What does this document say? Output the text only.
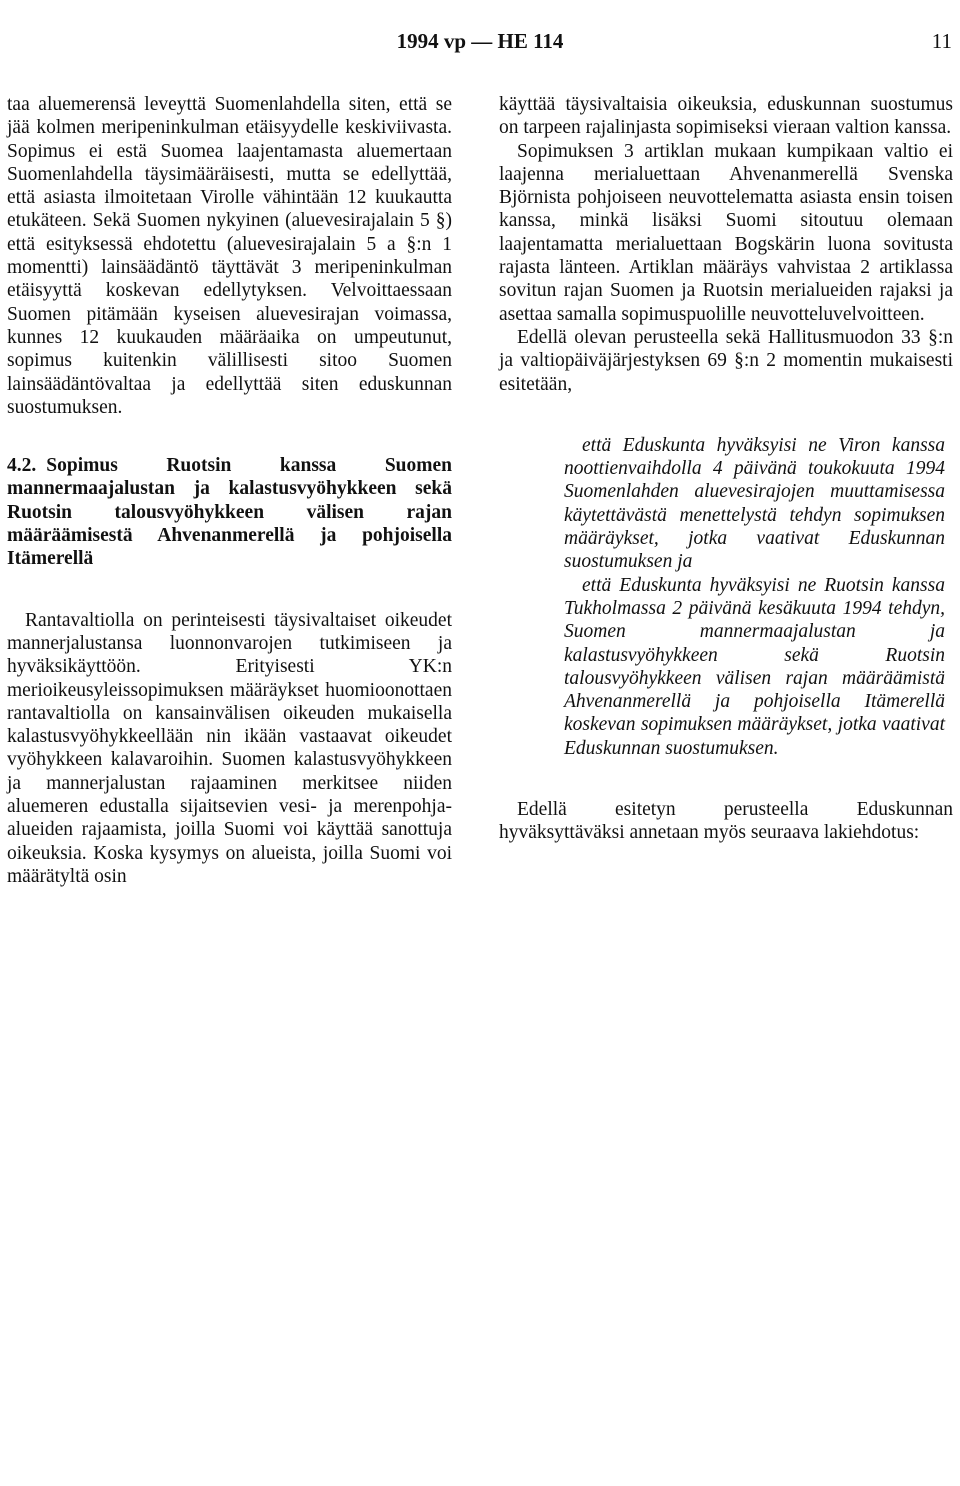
1994 vp — HE 114	11

taa aluemerensä leveyttä Suomenlahdella siten, että se jää kolmen meripeninkulman etäisyydelle keskiviivasta. Sopimus ei estä Suomea laajentamasta aluemertaan Suomenlahdella täysimääräisesti, mutta se edellyttää, että asiasta ilmoitetaan Virolle vähintään 12 kuukautta etukäteen. Sekä Suomen nykyinen (aluevesirajalain 5 §) että esityksessä ehdotettu (aluevesirajalain 5 a §:n 1 momentti) lainsäädäntö täyttävät 3 meripeninkulman etäisyyttä koskevan edellytyksen. Velvoittaessaan Suomen pitämään kyseisen aluevesirajan voimassa, kunnes 12 kuukauden määräaika on umpeutunut, sopimus kuitenkin välillisesti sitoo Suomen lainsäädäntövaltaa ja edellyttää siten eduskunnan suostumuksen.

4.2. Sopimus Ruotsin kanssa Suomen mannermaajalustan ja kalastusvyöhykkeen sekä Ruotsin talousvyöhykkeen välisen rajan määräämisestä Ahvenanmerellä ja pohjoisella Itämerellä

Rantavaltiolla on perinteisesti täysivaltaiset oikeudet mannerjalustansa luonnonvarojen tutkimiseen ja hyväksikäyttöön. Erityisesti YK:n merioikeusyleissopimuksen määräykset huomioonottaen rantavaltiolla on kansainvälisen oikeuden mukaisella kalastusvyöhykkeellään nin ikään vastaavat oikeudet vyöhykkeen kalavaroihin. Suomen kalastusvyöhykkeen ja mannerjalustan rajaaminen merkitsee niiden aluemeren edustalla sijaitsevien vesi- ja merenpohja-alueiden rajaamista, joilla Suomi voi käyttää sanottuja oikeuksia. Koska kysymys on alueista, joilla Suomi voi määrätyltä osin

käyttää täysivaltaisia oikeuksia, eduskunnan suostumus on tarpeen rajalinjasta sopimiseksi vieraan valtion kanssa.

Sopimuksen 3 artiklan mukaan kumpikaan valtio ei laajenna merialuettaan Ahvenanmerellä Svenska Björnista pohjoiseen neuvottelematta asiasta ensin toisen kanssa, minkä lisäksi Suomi sitoutuu olemaan laajentamatta merialuettaan Bogskärin luona sovitusta rajasta länteen. Artiklan määräys vahvistaa 2 artiklassa sovitun rajan Suomen ja Ruotsin merialueiden rajaksi ja asettaa samalla sopimuspuolille neuvotteluvelvoitteen.

Edellä olevan perusteella sekä Hallitusmuodon 33 §:n ja valtiopäiväjärjestyksen 69 §:n 2 momentin mukaisesti esitetään,

että Eduskunta hyväksyisi ne Viron kanssa noottienvaihdolla 4 päivänä toukokuuta 1994 Suomenlahden aluevesirajojen muuttamisessa käytettävästä menettelystä tehdyn sopimuksen määräykset, jotka vaativat Eduskunnan suostumuksen ja

että Eduskunta hyväksyisi ne Ruotsin kanssa Tukholmassa 2 päivänä kesäkuuta 1994 tehdyn, Suomen mannermaajalustan ja kalastusvyöhykkeen sekä Ruotsin talousvyöhykkeen välisen rajan määräämistä Ahvenanmerellä ja pohjoisella Itämerellä koskevan sopimuksen määräykset, jotka vaativat Eduskunnan suostumuksen.

Edellä esitetyn perusteella Eduskunnan hyväksyttäväksi annetaan myös seuraava lakiehdotus:
